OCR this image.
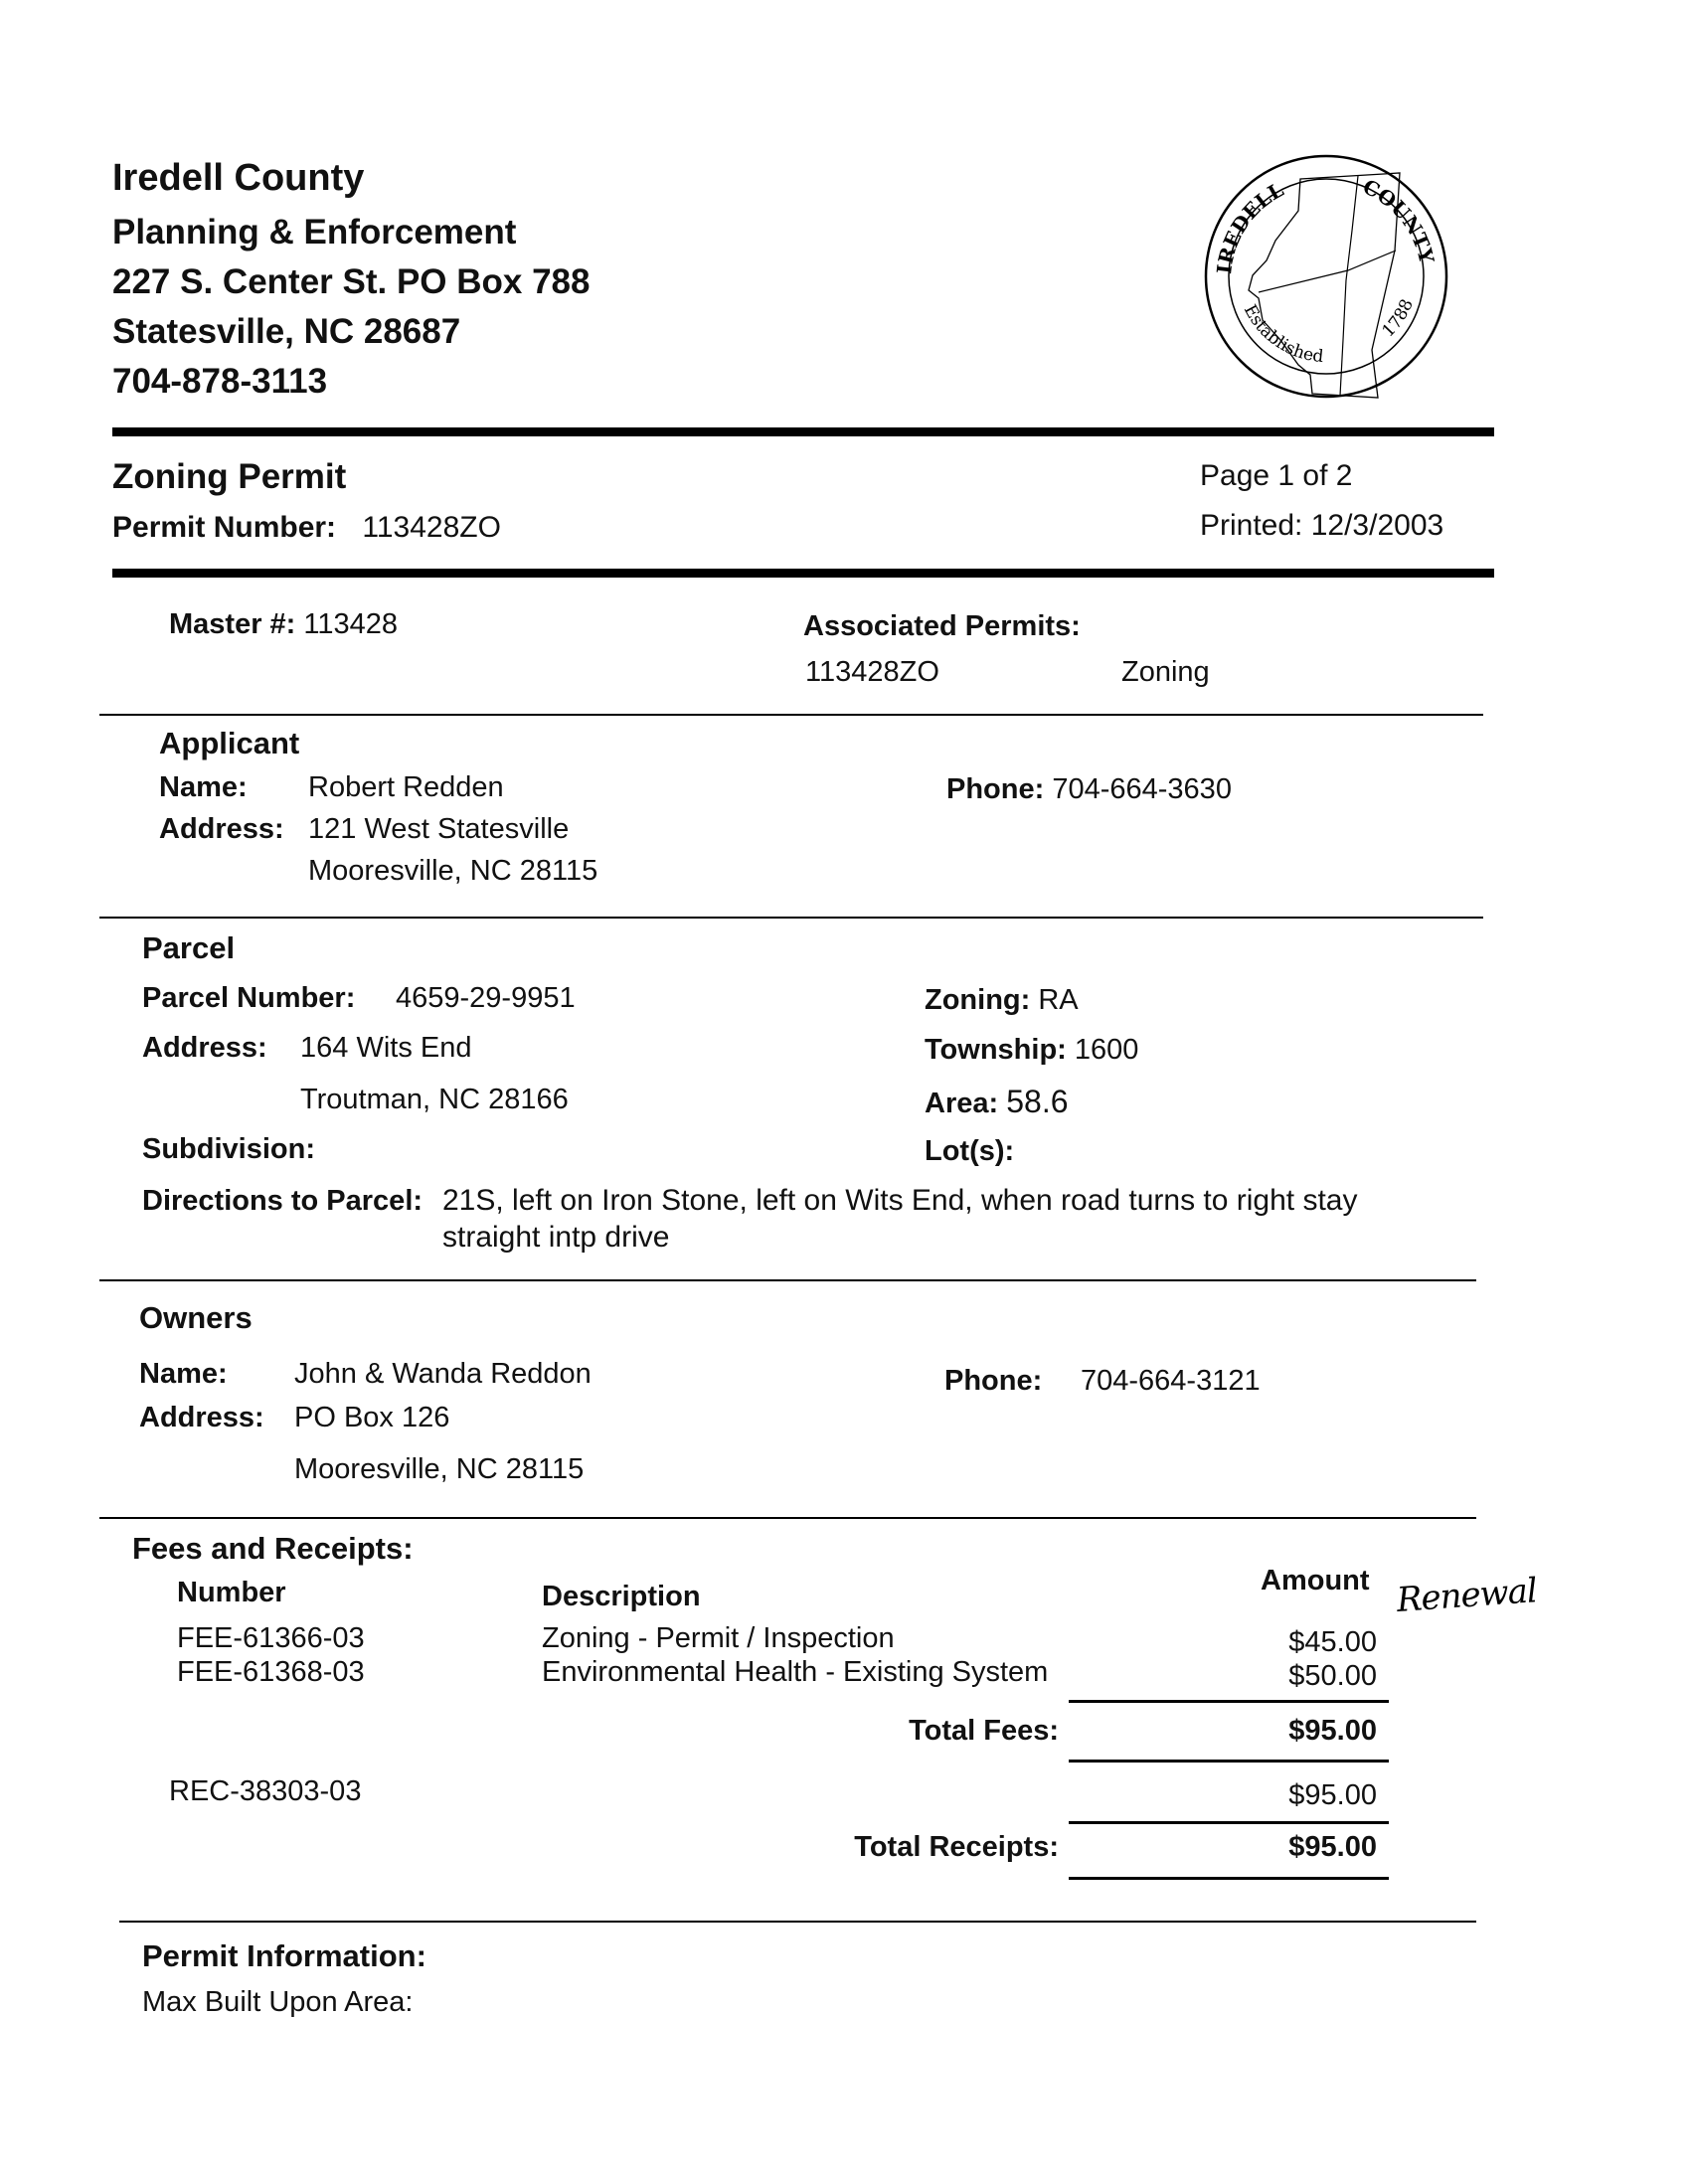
Iredell County
Planning & Enforcement
227 S. Center St. PO Box 788
Statesville, NC 28687
704-878-3113
IREDELL	COUNTY
Established
1788
Zoning Permit
Permit Number: 113428ZO
Page 1 of 2
Printed: 12/3/2003
Master #: 113428	Associated Permits:
113428ZO	Zoning
Applicant
Name: Robert Redden
Address: 121 West Statesville
Mooresville, NC 28115
Phone: 704-664-3630
Parcel
Parcel Number: 4659-29-9951
Address: 164 Wits End
Troutman, NC 28166
Subdivision:
Zoning: RA
Township: 1600
Area: 58.6
Lot(s):
Directions to Parcel: 21S, left on Iron Stone, left on Wits End, when road turns to right stay
straight intp drive
Owners
Name: John & Wanda Reddon
Address: PO Box 126
Mooresville, NC 28115
Phone: 704-664-3121
Fees and Receipts:
Number	Description	Amount
FEE-61366-03	Zoning - Permit / Inspection	$45.00
FEE-61368-03	Environmental Health - Existing System	$50.00
Renewal
Total Fees:	$95.00
REC-38303-03	$95.00
Total Receipts:	$95.00
Permit Information:
Max Built Upon Area:
